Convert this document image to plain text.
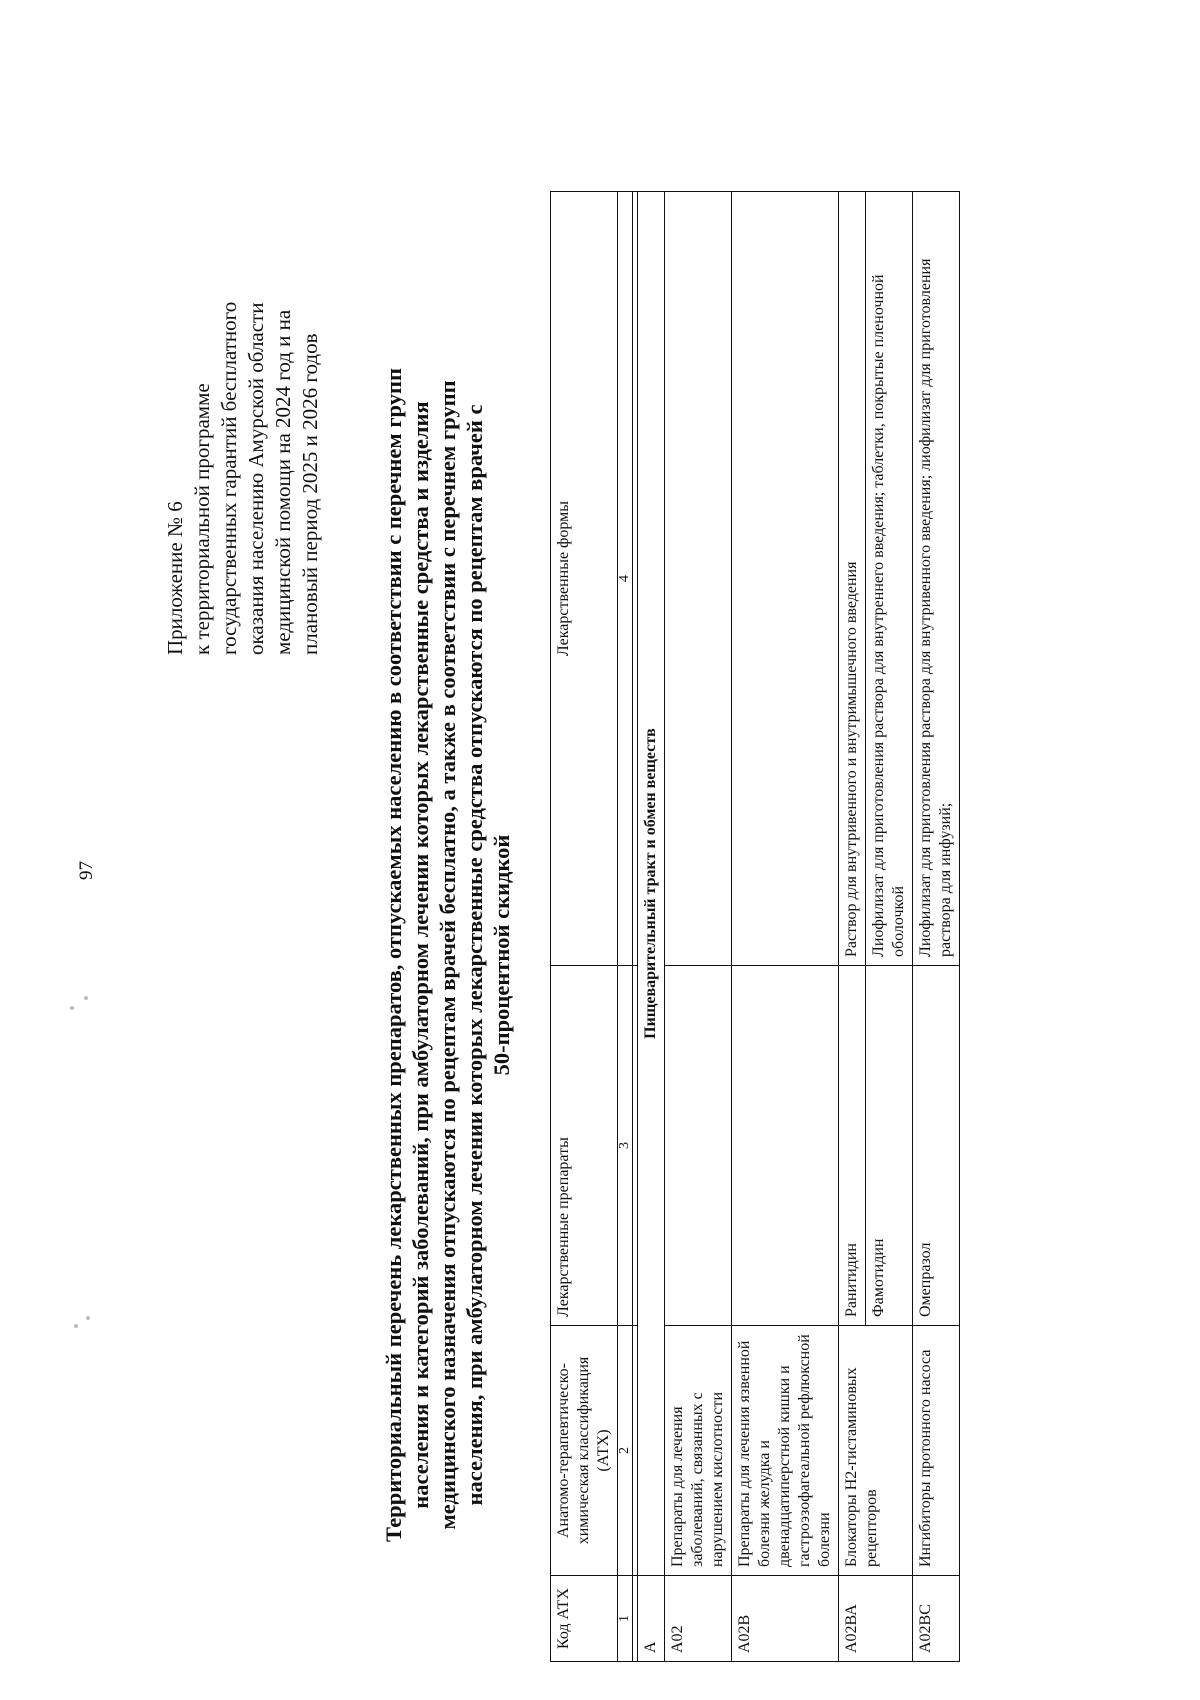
97
Приложение № 6 к территориальной программе государственных гарантий бесплатного оказания населению Амурской области медицинской помощи на 2024 год и на плановый период 2025 и 2026 годов	Территориальный перечень лекарственных препаратов, отпускаемых населению в соответствии с перечнем групп населения и категорий заболеваний, при амбулаторном лечении которых лекарственные средства и изделия медицинского назначения отпускаются по рецептам врачей бесплатно, а также в соответствии с перечнем групп населения, при амбулаторном лечении которых лекарственные средства отпускаются по рецептам врачей с 50-процентной скидкой
Код АТХ	Анатомо-терапевтическо-химическая классификация (АТХ)	Лекарственные препараты	Лекарственные формы
1	2	3	4

А	Пищеварительный тракт и обмен веществ		
А02	Препараты для лечения заболеваний, связанных с нарушением кислотности		
А02В	Препараты для лечения язвенной болезни желудка и двенадцатиперстной кишки и гастроэзофагеальной рефлюксной болезни		
А02ВА	Блокаторы Н2-гистаминовых рецепторов	Ранитидин	Раствор для внутривенного и внутримышечного введения
		Фамотидин	Лиофилизат для приготовления раствора для внутреннего введения; таблетки, покрытые пленочной оболочкой
А02ВС	Ингибиторы протонного насоса	Омепразол	Лиофилизат для приготовления раствора для внутривенного введения; лиофилизат для приготовления раствора для инфузий;
